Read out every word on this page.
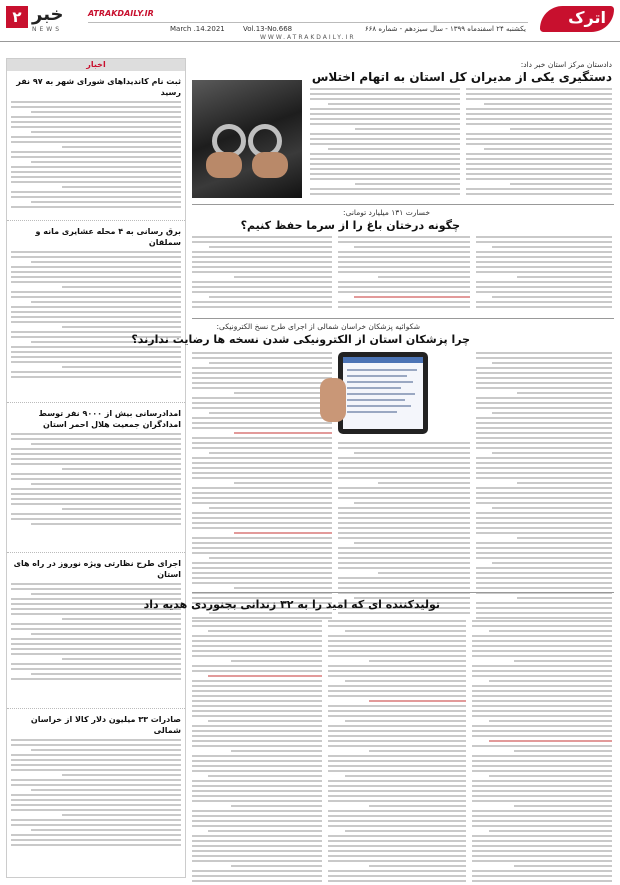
۲ خبر
NEWS
ATRAKDAILY.IR
یکشنبه ۲۴ اسفندماه ۱۳۹۹ - سال سیزدهم - شماره ۶۶۸
Vol.13-No.668
March .14.2021
اترک
WWW.ATRAKDAILY.IR
اخبار
ثبت نام کاندیداهای شورای شهر به ۹۷ نفر رسید
برق رسانی به ۴ محله عشایری مانه و سملقان
امدادرسانی بیش از ۹۰۰۰ نفر توسط امدادگران جمعیت هلال احمر استان
اجرای طرح نظارتی ویژه نوروز در راه های استان
صادرات ۳۳ میلیون دلار کالا از خراسان شمالی
دادستان مرکز استان خبر داد:
دستگیری یکی از مدیران کل استان به اتهام اختلاس
خسارت ۱۳۱ میلیارد تومانی:
چگونه درختان باغ را از سرما حفظ کنیم؟
شکوائیه پزشکان خراسان شمالی از اجرای طرح نسخ الکترونیکی:
چرا پزشکان استان از الکترونیکی شدن نسخه ها رضایت ندارند؟
تولیدکننده ای که امید را به ۳۲ زندانی بجنوردی هدیه داد
